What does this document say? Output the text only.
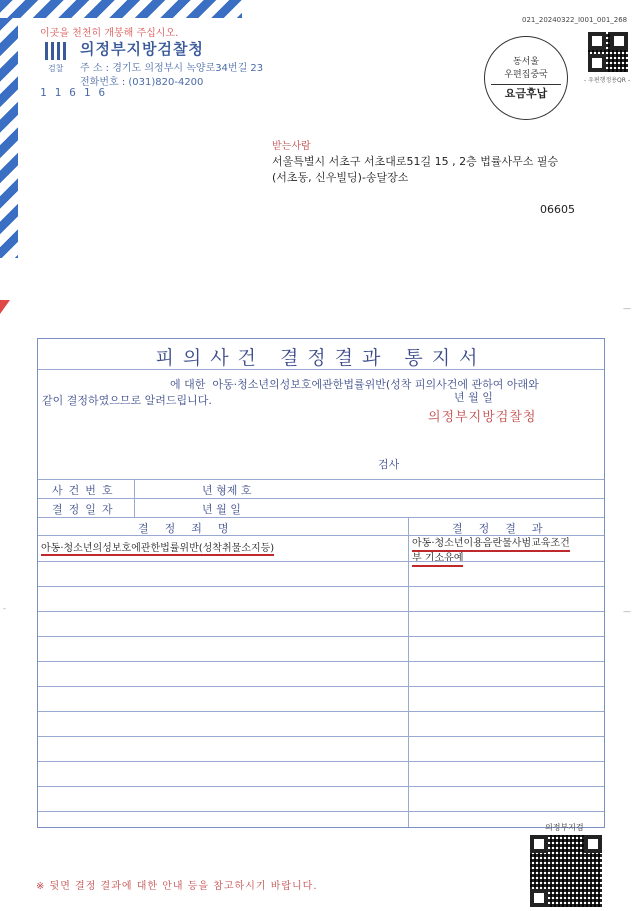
이곳을 천천히 개봉해 주십시오.
검찰
의정부지방검찰청
주 소 : 경기도 의정부시 녹양로34번길 23
전화번호 : (031)820-4200
11616
021_20240322_I001_001_268
동서울
우편집중국
요금후납
- 우편행정용QR -
받는사람
서울특별시 서초구 서초대로51길 15 , 2층 법률사무소 필승
(서초동, 신우빌딩)-송달장소
06605
—
—
-
피의사건 결정결과 통지서
에 대한 아동·청소년의성보호에관한법률위반(성착 피의사건에 관하여 아래와
같이 결정하였으므로 알려드립니다.	년 월 일
의정부지방검찰청
검사
사건번호	년 형제 호
결정일자	년 월 일
결정죄명	결정결과
아동·청소년의성보호에관한법률위반(성착취물소지등)	아동·청소년이용음란물사범교육조건
부 기소유예
의정부지검
※ 뒷면 결정 결과에 대한 안내 등을 참고하시기 바랍니다.
